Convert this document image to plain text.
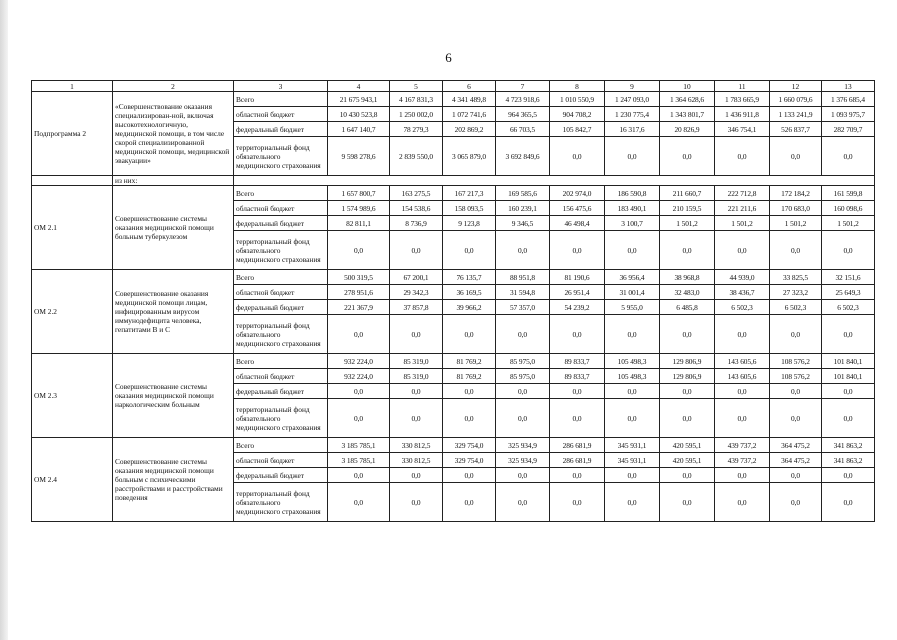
6
1	2	3	4	5	6	7	8	9	10	11	12	13
Подпрограмма 2	«Совершенствование оказания специализирован-ной, включая высокотехнологичную, медицинской помощи, в том числе скорой специализированной медицинской помощи, медицинской эвакуации»	Всего	21 675 943,1	4 167 831,3	4 341 489,8	4 723 918,6	1 010 550,9	1 247 093,0	1 364 628,6	1 783 665,9	1 660 079,6	1 376 685,4
		областной бюджет	10 430 523,8	1 250 002,0	1 072 741,6	964 365,5	904 708,2	1 230 775,4	1 343 801,7	1 436 911,8	1 133 241,9	1 093 975,7
		федеральный бюджет	1 647 140,7	78 279,3	202 869,2	66 703,5	105 842,7	16 317,6	20 826,9	346 754,1	526 837,7	282 709,7
		территориальный фонд обязательного медицинского страхования	9 598 278,6	2 839 550,0	3 065 879,0	3 692 849,6	0,0	0,0	0,0	0,0	0,0	0,0
	из них:											
ОМ 2.1	Совершенствование системы оказания медицинской помощи больным туберкулезом	Всего	1 657 800,7	163 275,5	167 217,3	169 585,6	202 974,0	186 590,8	211 660,7	222 712,8	172 184,2	161 599,8
		областной бюджет	1 574 989,6	154 538,6	158 093,5	160 239,1	156 475,6	183 490,1	210 159,5	221 211,6	170 683,0	160 098,6
		федеральный бюджет	82 811,1	8 736,9	9 123,8	9 346,5	46 498,4	3 100,7	1 501,2	1 501,2	1 501,2	1 501,2
		территориальный фонд обязательного медицинского страхования	0,0	0,0	0,0	0,0	0,0	0,0	0,0	0,0	0,0	0,0
ОМ 2.2	Совершенствование оказания медицинской помощи лицам, инфицированным вирусом иммунодефицита человека, гепатитами В и С	Всего	500 319,5	67 200,1	76 135,7	88 951,8	81 190,6	36 956,4	38 968,8	44 939,0	33 825,5	32 151,6
		областной бюджет	278 951,6	29 342,3	36 169,5	31 594,8	26 951,4	31 001,4	32 483,0	38 436,7	27 323,2	25 649,3
		федеральный бюджет	221 367,9	37 857,8	39 966,2	57 357,0	54 239,2	5 955,0	6 485,8	6 502,3	6 502,3	6 502,3
		территориальный фонд обязательного медицинского страхования	0,0	0,0	0,0	0,0	0,0	0,0	0,0	0,0	0,0	0,0
ОМ 2.3	Совершенствование системы оказания медицинской помощи наркологическим больным	Всего	932 224,0	85 319,0	81 769,2	85 975,0	89 833,7	105 498,3	129 806,9	143 605,6	108 576,2	101 840,1
		областной бюджет	932 224,0	85 319,0	81 769,2	85 975,0	89 833,7	105 498,3	129 806,9	143 605,6	108 576,2	101 840,1
		федеральный бюджет	0,0	0,0	0,0	0,0	0,0	0,0	0,0	0,0	0,0	0,0
		территориальный фонд обязательного медицинского страхования	0,0	0,0	0,0	0,0	0,0	0,0	0,0	0,0	0,0	0,0
ОМ 2.4	Совершенствование системы оказания медицинской помощи больным с психическими расстройствами и расстройствами поведения	Всего	3 185 785,1	330 812,5	329 754,0	325 934,9	286 681,9	345 931,1	420 595,1	439 737,2	364 475,2	341 863,2
		областной бюджет	3 185 785,1	330 812,5	329 754,0	325 934,9	286 681,9	345 931,1	420 595,1	439 737,2	364 475,2	341 863,2
		федеральный бюджет	0,0	0,0	0,0	0,0	0,0	0,0	0,0	0,0	0,0	0,0
		территориальный фонд обязательного медицинского страхования	0,0	0,0	0,0	0,0	0,0	0,0	0,0	0,0	0,0	0,0
